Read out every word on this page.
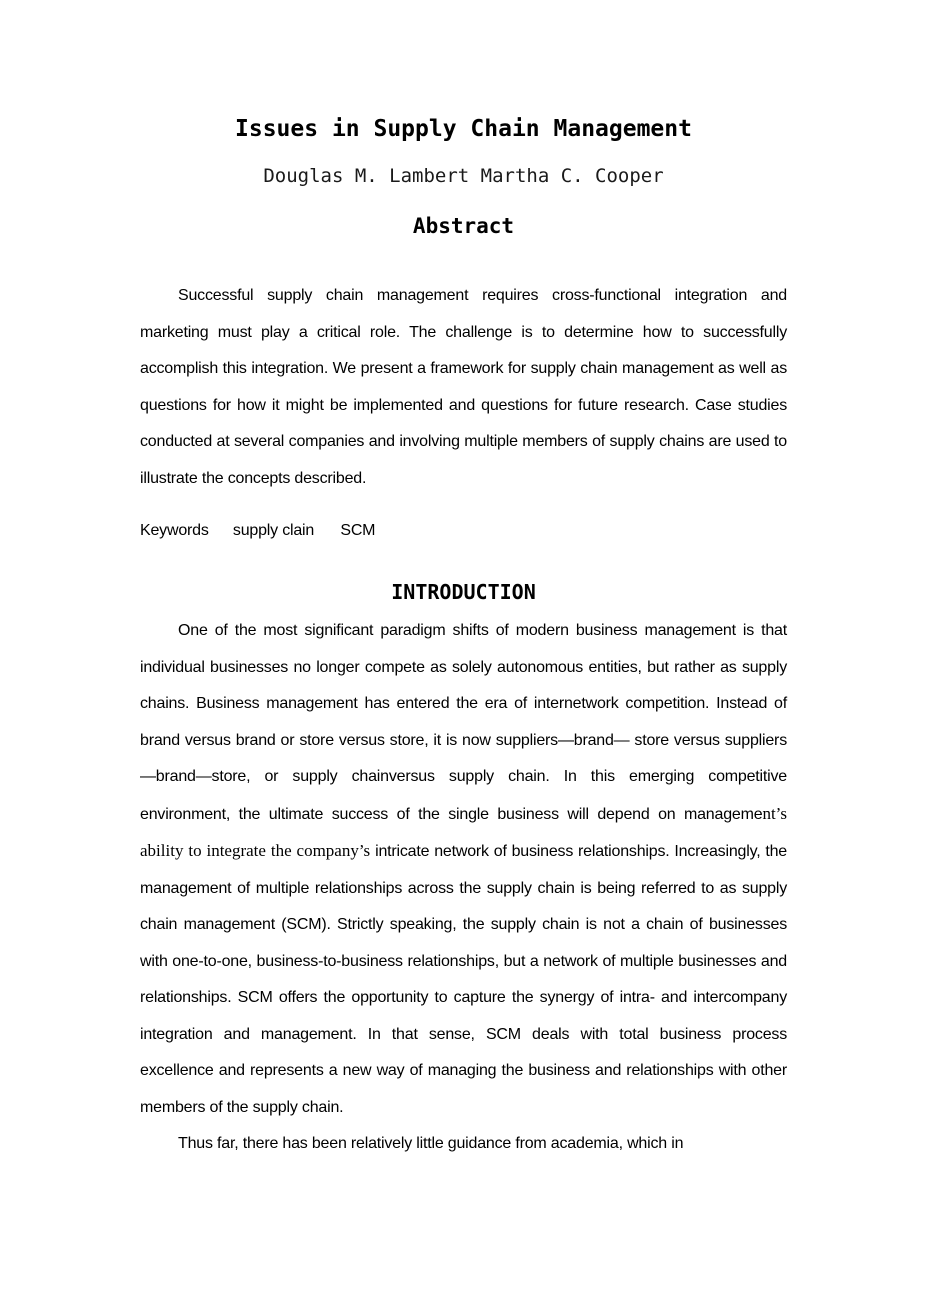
Issues in Supply Chain Management
Douglas M. Lambert Martha C. Cooper
Abstract

Successful supply chain management requires cross-functional integration and marketing must play a critical role. The challenge is to determine how to successfully accomplish this integration. We present a framework for supply chain management as well as questions for how it might be implemented and questions for future research. Case studies conducted at several companies and involving multiple members of supply chains are used to illustrate the concepts described.

Keywords supply clain SCM
INTRODUCTION

One of the most significant paradigm shifts of modern business management is that individual businesses no longer compete as solely autonomous entities, but rather as supply chains. Business management has entered the era of internetwork competition. Instead of brand versus brand or store versus store, it is now suppliers—brand— store versus suppliers—brand—store, or supply chainversus supply chain. In this emerging competitive environment, the ultimate success of the single business will depend on management’s ability to integrate the company’s intricate network of business relationships. Increasingly, the management of multiple relationships across the supply chain is being referred to as supply chain management (SCM). Strictly speaking, the supply chain is not a chain of businesses with one-to-one, business-to-business relationships, but a network of multiple businesses and relationships. SCM offers the opportunity to capture the synergy of intra- and intercompany integration and management. In that sense, SCM deals with total business process excellence and represents a new way of managing the business and relationships with other members of the supply chain.

Thus far, there has been relatively little guidance from academia, which in
